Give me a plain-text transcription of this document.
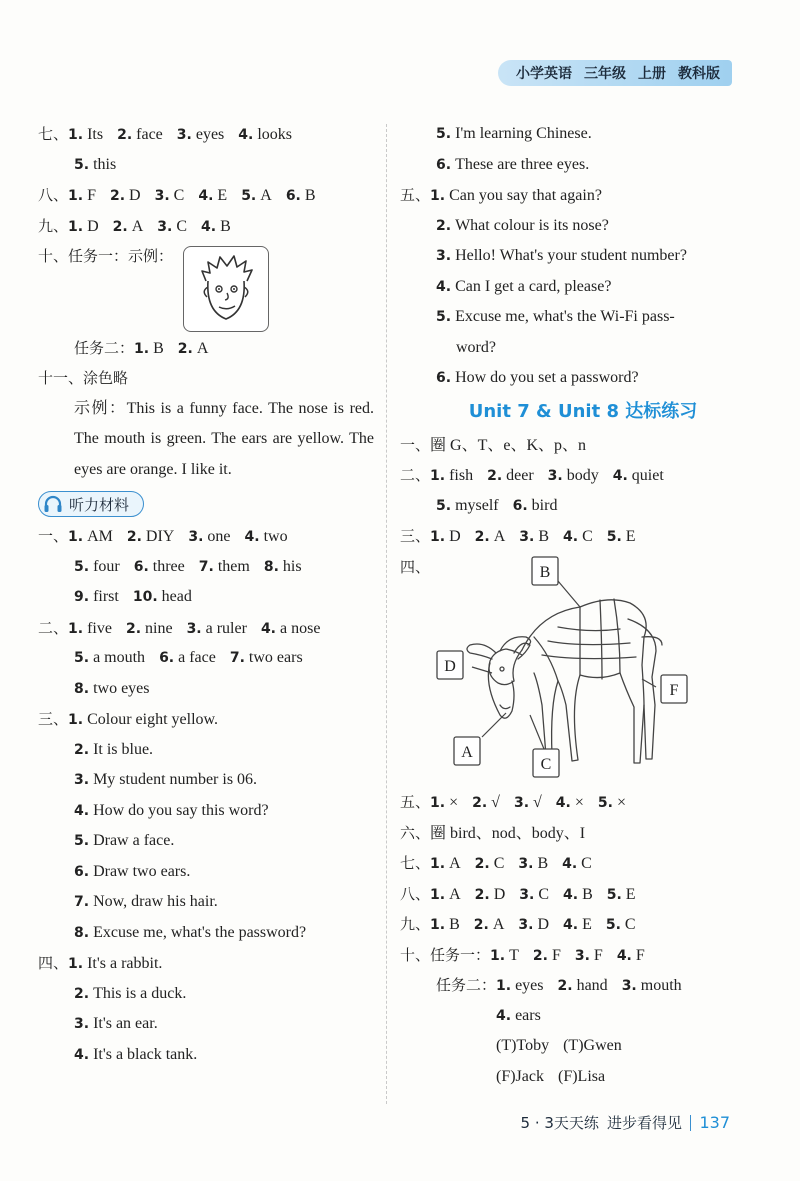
小学英语 三年级 上册 教科版
七、1. Its 2. face 3. eyes 4. looks
5. this
八、1. F 2. D 3. C 4. E 5. A 6. B
九、1. D 2. A 3. C 4. B
十、任务一：示例：
任务二：1. B 2. A
十一、涂色略
示例：This is a funny face. The nose is red. The mouth is green. The ears are yellow. The eyes are orange. I like it.
听力材料
一、1. AM 2. DIY 3. one 4. two
5. four 6. three 7. them 8. his
9. first 10. head
二、1. five 2. nine 3. a ruler 4. a nose
5. a mouth 6. a face 7. two ears
8. two eyes
三、1. Colour eight yellow.
2. It is blue.
3. My student number is 06.
4. How do you say this word?
5. Draw a face.
6. Draw two ears.
7. Now, draw his hair.
8. Excuse me, what's the password?
四、1. It's a rabbit.
2. This is a duck.
3. It's an ear.
4. It's a black tank.
5. I'm learning Chinese.
6. These are three eyes.
五、1. Can you say that again?
2. What colour is its nose?
3. Hello! What's your student number?
4. Can I get a card, please?
5. Excuse me, what's the Wi-Fi pass-
word?
6. How do you set a password?
Unit 7 & Unit 8 达标练习
一、圈 G、T、e、K、p、n
二、1. fish 2. deer 3. body 4. quiet
5. myself 6. bird
三、1. D 2. A 3. B 4. C 5. E
四、
五、1. × 2. √ 3. √ 4. × 5. ×
六、圈 bird、nod、body、I
七、1. A 2. C 3. B 4. C
八、1. A 2. D 3. C 4. B 5. E
九、1. B 2. A 3. D 4. E 5. C
十、任务一：1. T 2. F 3. F 4. F
任务二：1. eyes 2. hand 3. mouth
4. ears
(T)Toby (T)Gwen
(F)Jack (F)Lisa
B
D
F
A
C
5 · 3天天练 进步看得见 137
